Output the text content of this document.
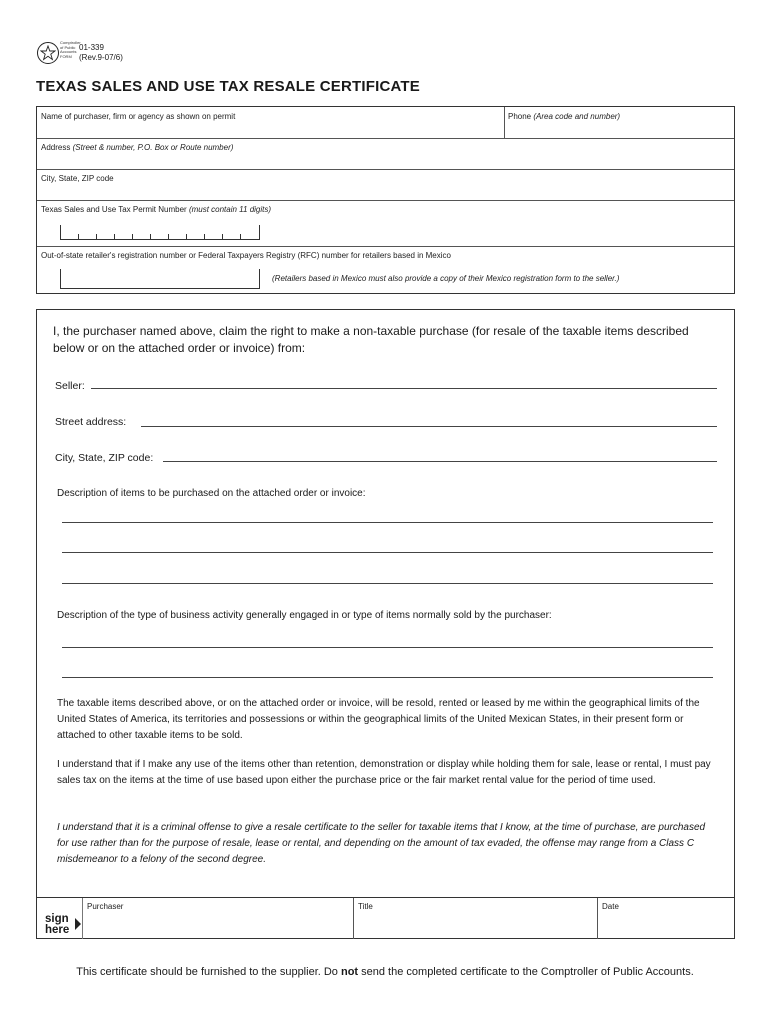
Comptroller of Public Accounts FORM
01-339
(Rev.9-07/6)
TEXAS SALES AND USE TAX RESALE CERTIFICATE
Name of purchaser, firm or agency as shown on permit	Phone (Area code and number)
Address (Street & number, P.O. Box or Route number)
City, State, ZIP code
Texas Sales and Use Tax Permit Number (must contain 11 digits)
Out-of-state retailer's registration number or Federal Taxpayers Registry (RFC) number for retailers based in Mexico
(Retailers based in Mexico must also provide a copy of their Mexico registration form to the seller.)
I, the purchaser named above, claim the right to make a non-taxable purchase (for resale of the taxable items described below or on the attached order or invoice) from:
Seller:
Street address:
City, State, ZIP code:
Description of items to be purchased on the attached order or invoice:
Description of the type of business activity generally engaged in or type of items normally sold by the purchaser:
The taxable items described above, or on the attached order or invoice, will be resold, rented or leased by me within the geographical limits of the United States of America, its territories and possessions or within the geographical limits of the United Mexican States, in their present form or attached to other taxable items to be sold.
I understand that if I make any use of the items other than retention, demonstration or display while holding them for sale, lease or rental, I must pay sales tax on the items at the time of use based upon either the purchase price or the fair market rental value for the period of time used.
I understand that it is a criminal offense to give a resale certificate to the seller for taxable items that I know, at the time of purchase, are purchased for use rather than for the purpose of resale, lease or rental, and depending on the amount of tax evaded, the offense may range from a Class C misdemeanor to a felony of the second degree.
sign
here
Purchaser	Title	Date
This certificate should be furnished to the supplier. Do not send the completed certificate to the Comptroller of Public Accounts.
